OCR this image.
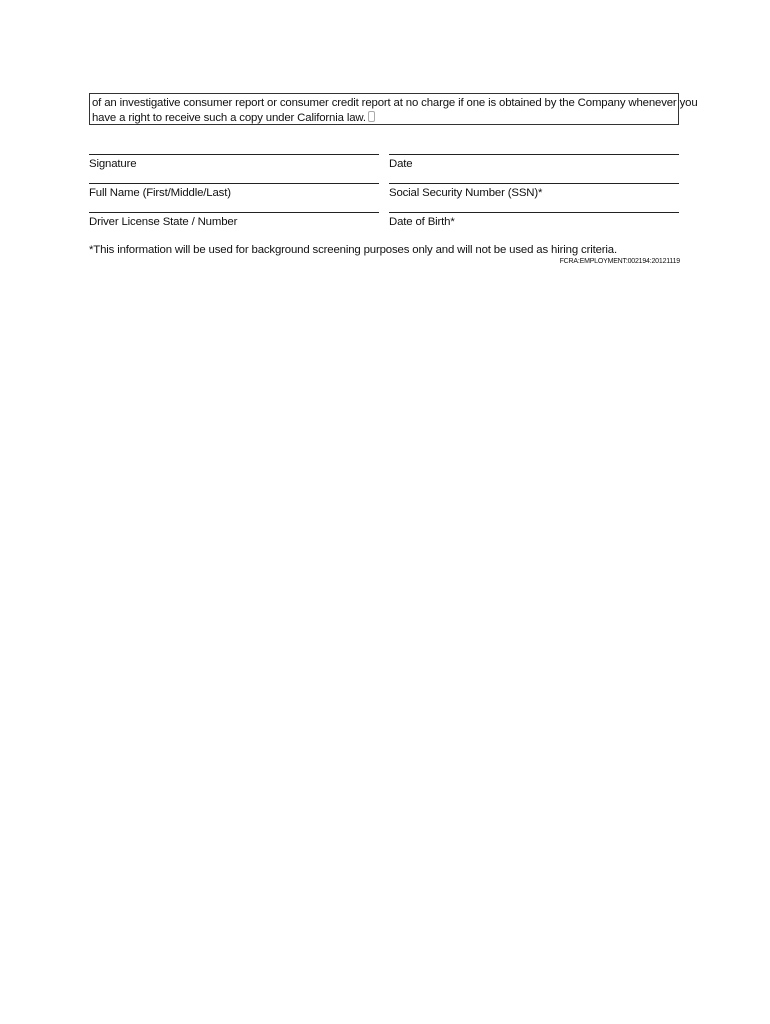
of an investigative consumer report or consumer credit report at no charge if one is obtained by the Company whenever you
have a right to receive such a copy under California law.
Signature	Date
Full Name (First/Middle/Last)	Social Security Number (SSN)*
Driver License State / Number	Date of Birth*
*This information will be used for background screening purposes only and will not be used as hiring criteria.
FCRA:EMPLOYMENT:002194:20121119
